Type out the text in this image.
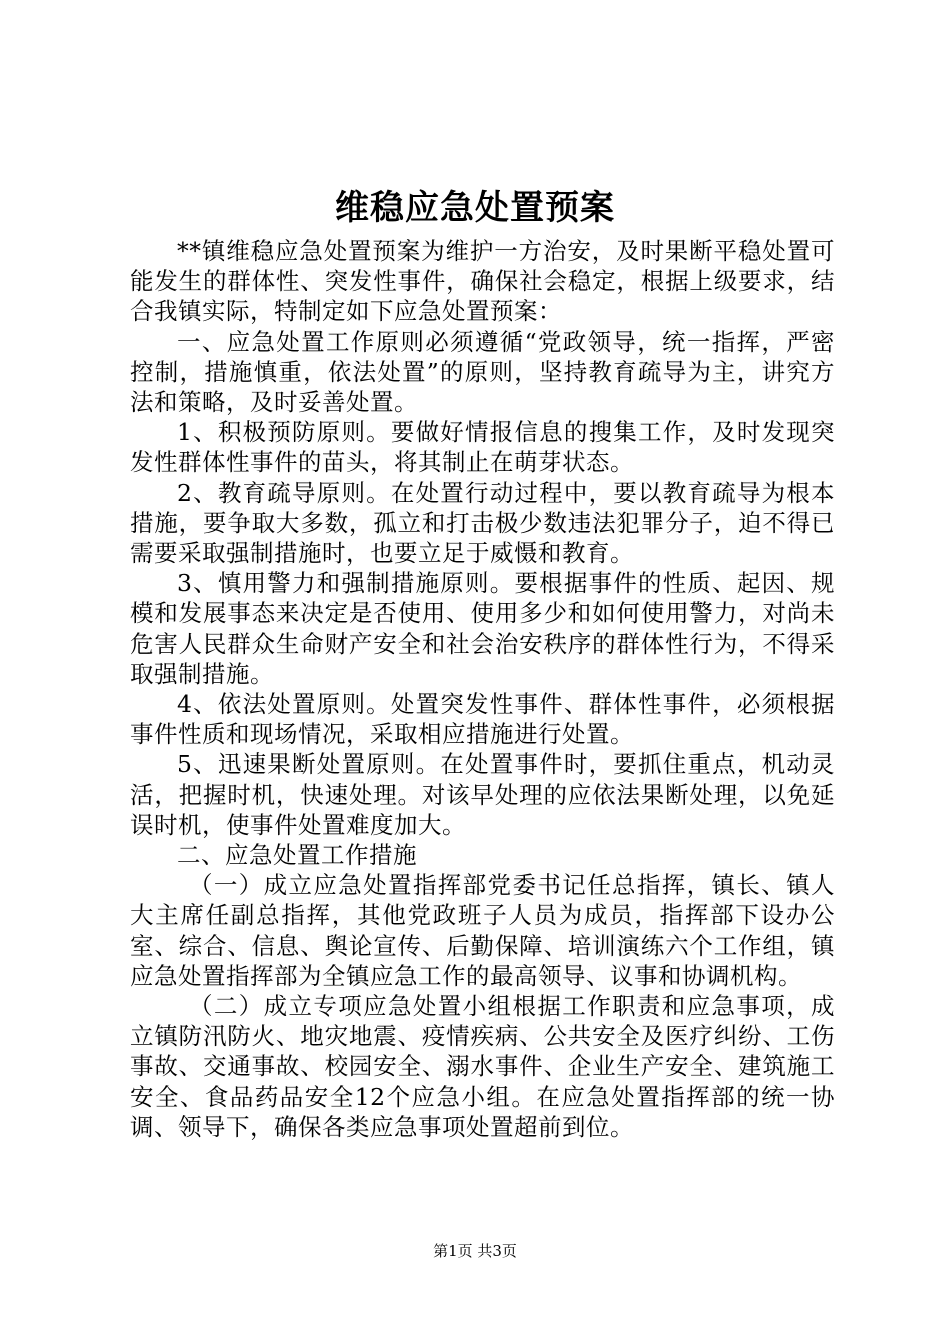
维稳应急处置预案

**镇维稳应急处置预案为维护一方治安，及时果断平稳处置可能发生的群体性、突发性事件，确保社会稳定，根据上级要求，结合我镇实际，特制定如下应急处置预案：

一、应急处置工作原则必须遵循“党政领导，统一指挥，严密控制，措施慎重，依法处置”的原则，坚持教育疏导为主，讲究方法和策略，及时妥善处置。

1、积极预防原则。要做好情报信息的搜集工作，及时发现突发性群体性事件的苗头，将其制止在萌芽状态。

2、教育疏导原则。在处置行动过程中，要以教育疏导为根本措施，要争取大多数，孤立和打击极少数违法犯罪分子，迫不得已需要采取强制措施时，也要立足于威慑和教育。

3、慎用警力和强制措施原则。要根据事件的性质、起因、规模和发展事态来决定是否使用、使用多少和如何使用警力，对尚未危害人民群众生命财产安全和社会治安秩序的群体性行为，不得采取强制措施。

4、依法处置原则。处置突发性事件、群体性事件，必须根据事件性质和现场情况，采取相应措施进行处置。

5、迅速果断处置原则。在处置事件时，要抓住重点，机动灵活，把握时机，快速处理。对该早处理的应依法果断处理，以免延误时机，使事件处置难度加大。

二、应急处置工作措施

（一）成立应急处置指挥部党委书记任总指挥，镇长、镇人大主席任副总指挥，其他党政班子人员为成员，指挥部下设办公室、综合、信息、舆论宣传、后勤保障、培训演练六个工作组，镇应急处置指挥部为全镇应急工作的最高领导、议事和协调机构。

（二）成立专项应急处置小组根据工作职责和应急事项，成立镇防汛防火、地灾地震、疫情疾病、公共安全及医疗纠纷、工伤事故、交通事故、校园安全、溺水事件、企业生产安全、建筑施工安全、食品药品安全12个应急小组。在应急处置指挥部的统一协调、领导下，确保各类应急事项处置超前到位。

第1页 共3页
